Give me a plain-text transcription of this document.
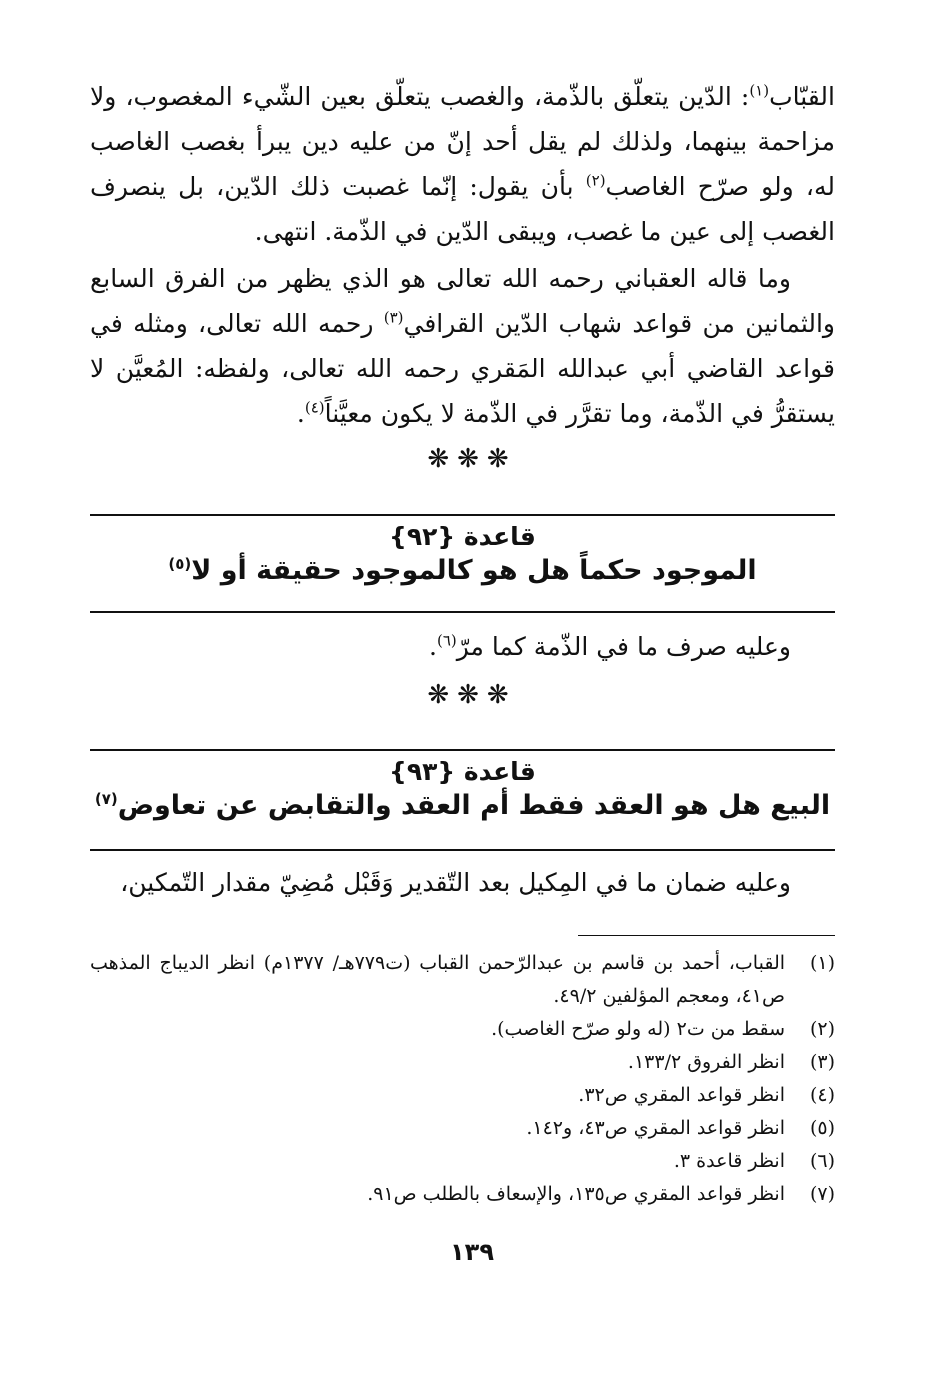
القبّاب$^{(١)}$: الدّين يتعلّق بالذّمة، والغصب يتعلّق بعين الشّيء المغصوب، ولا مزاحمة بينهما، ولذلك لم يقل أحد إنّ من عليه دين يبرأ بغصب الغاصب له، ولو صرّح الغاصب$^{(٢)}$ بأن يقول: إنّما غصبت ذلك الدّين، بل ينصرف الغصب إلى عين ما غصب، ويبقى الدّين في الذّمة. انتهى.

وما قاله العقباني رحمه الله تعالى هو الذي يظهر من الفرق السابع والثمانين من قواعد شهاب الدّين القرافي$^{(٣)}$ رحمه الله تعالى، ومثله في قواعد القاضي أبي عبدالله المَقري رحمه الله تعالى، ولفظه: المُعيَّن لا يستقرُّ في الذّمة، وما تقرَّر في الذّمة لا يكون معيَّناً$^{(٤)}$.

❋❋❋
قاعدة {٩٢}
الموجود حكماً هل هو كالموجود حقيقة أو لا$^{(٥)}$

وعليه صرف ما في الذّمة كما مرّ$^{(٦)}$.

❋❋❋
قاعدة {٩٣}
البيع هل هو العقد فقط أم العقد والتقابض عن تعاوض$^{(٧)}$

وعليه ضمان ما في المِكيل بعد التّقدير وَقَبْل مُضِيّ مقدار التّمكين،

(١)
القباب، أحمد بن قاسم بن عبدالرّحمن القباب (ت٧٧٩هـ/ ١٣٧٧م) انظر الديباج المذهب ص٤١، ومعجم المؤلفين ٤٩/٢.
(٢)
سقط من ت٢ (له ولو صرّح الغاصب).
(٣)
انظر الفروق ١٣٣/٢.
(٤)
انظر قواعد المقري ص٣٢.
(٥)
انظر قواعد المقري ص٤٣، و١٤٢.
(٦)
انظر قاعدة ٣.
(٧)
انظر قواعد المقري ص١٣٥، والإسعاف بالطلب ص٩١.
١٣٩
